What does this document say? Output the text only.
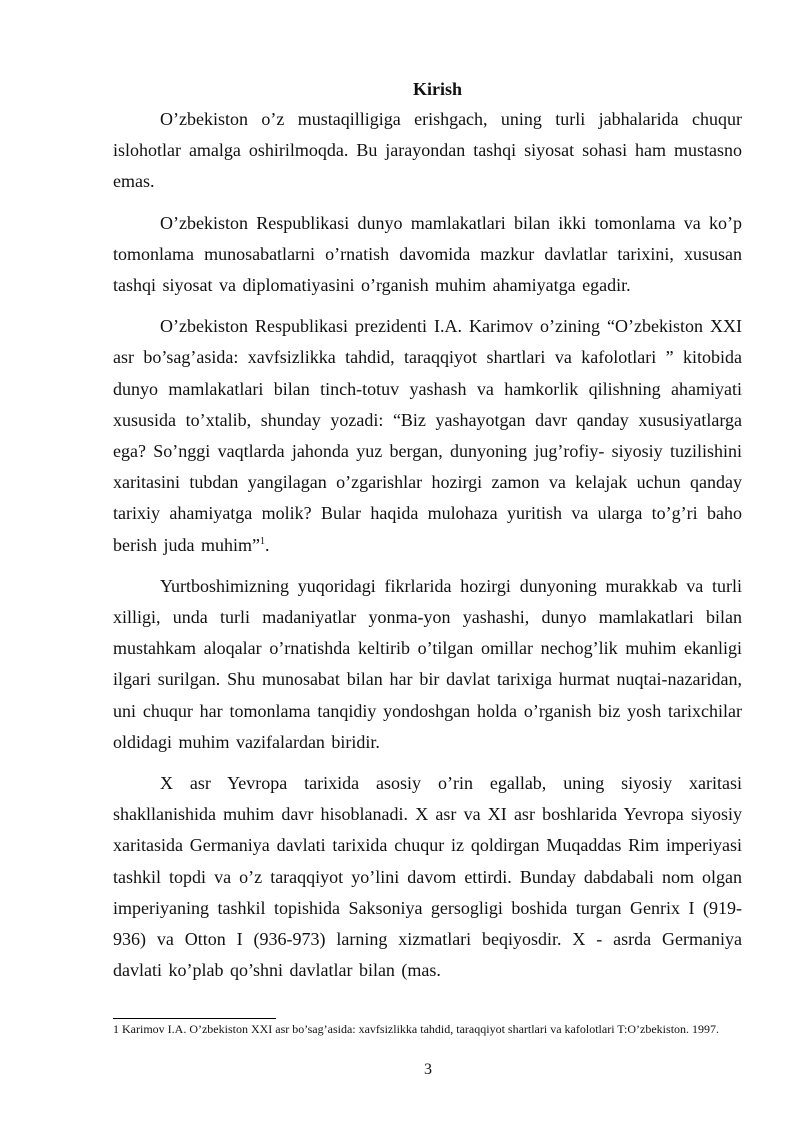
Kirish

O’zbekiston o’z mustaqilligiga erishgach, uning turli jabhalarida chuqur islohotlar amalga oshirilmoqda. Bu jarayondan tashqi siyosat sohasi ham mustasno emas.

O’zbekiston Respublikasi dunyo mamlakatlari bilan ikki tomonlama va ko’p tomonlama munosabatlarni o’rnatish davomida mazkur davlatlar tarixini, xususan tashqi siyosat va diplomatiyasini o’rganish muhim ahamiyatga egadir.

O’zbekiston Respublikasi prezidenti I.A. Karimov o’zining “O’zbekiston XXI asr bo’sag’asida: xavfsizlikka tahdid, taraqqiyot shartlari va kafolotlari ” kitobida dunyo mamlakatlari bilan tinch-totuv yashash va hamkorlik qilishning ahamiyati xususida to’xtalib, shunday yozadi: “Biz yashayotgan davr qanday xususiyatlarga ega? So’nggi vaqtlarda jahonda yuz bergan, dunyoning jug’rofiy- siyosiy tuzilishini xaritasini tubdan yangilagan o’zgarishlar hozirgi zamon va kelajak uchun qanday tarixiy ahamiyatga molik? Bular haqida mulohaza yuritish va ularga to’g’ri baho berish juda muhim”$^1$.

Yurtboshimizning yuqoridagi fikrlarida hozirgi dunyoning murakkab va turli xilligi, unda turli madaniyatlar yonma-yon yashashi, dunyo mamlakatlari bilan mustahkam aloqalar o’rnatishda keltirib o’tilgan omillar nechog’lik muhim ekanligi ilgari surilgan. Shu munosabat bilan har bir davlat tarixiga hurmat nuqtai-nazaridan, uni chuqur har tomonlama tanqidiy yondoshgan holda o’rganish biz yosh tarixchilar oldidagi muhim vazifalardan biridir.

X asr Yevropa tarixida asosiy o’rin egallab, uning siyosiy xaritasi shakllanishida muhim davr hisoblanadi. X asr va XI asr boshlarida Yevropa siyosiy xaritasida Germaniya davlati tarixida chuqur iz qoldirgan Muqaddas Rim imperiyasi tashkil topdi va o’z taraqqiyot yo’lini davom ettirdi. Bunday dabdabali nom olgan imperiyaning tashkil topishida Saksoniya gersogligi boshida turgan Genrix I (919-936) va Otton I (936-973) larning xizmatlari beqiyosdir. X - asrda Germaniya davlati ko’plab qo’shni davlatlar bilan (mas.

1 Karimov I.A. O’zbekiston XXI asr bo’sag’asida: xavfsizlikka tahdid, taraqqiyot shartlari va kafolotlari T:O’zbekiston. 1997.
3
